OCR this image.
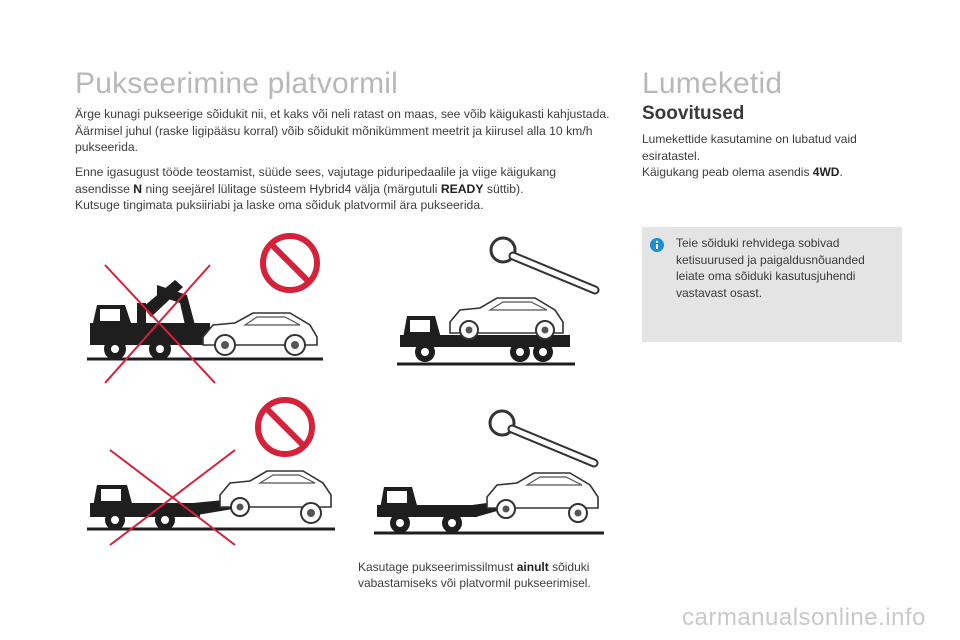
Pukseerimine platvormil
Ärge kunagi pukseerige sõidukit nii, et kaks või neli ratast on maas, see võib käigukasti kahjustada. Äärmisel juhul (raske ligipääsu korral) võib sõidukit mõnikümment meetrit ja kiirusel alla 10 km/h pukseerida.
Enne igasugust tööde teostamist, süüde sees, vajutage piduripedaalile ja viige käigukang
asendisse N ning seejärel lülitage süsteem Hybrid4 välja (märgutuli READY süttib).
Kutsuge tingimata puksiiriabi ja laske oma sõiduk platvormil ära pukseerida.
Kasutage pukseerimissilmust ainult sõiduki vabastamiseks või platvormil pukseerimisel.
Lumeketid
Soovitused
Lumekettide kasutamine on lubatud vaid esiratastel.
Käigukang peab olema asendis 4WD.
Teie sõiduki rehvidega sobivad ketisuurused ja paigaldusnõuanded leiate oma sõiduki kasutusjuhendi vastavast osast.
carmanualsonline.info
